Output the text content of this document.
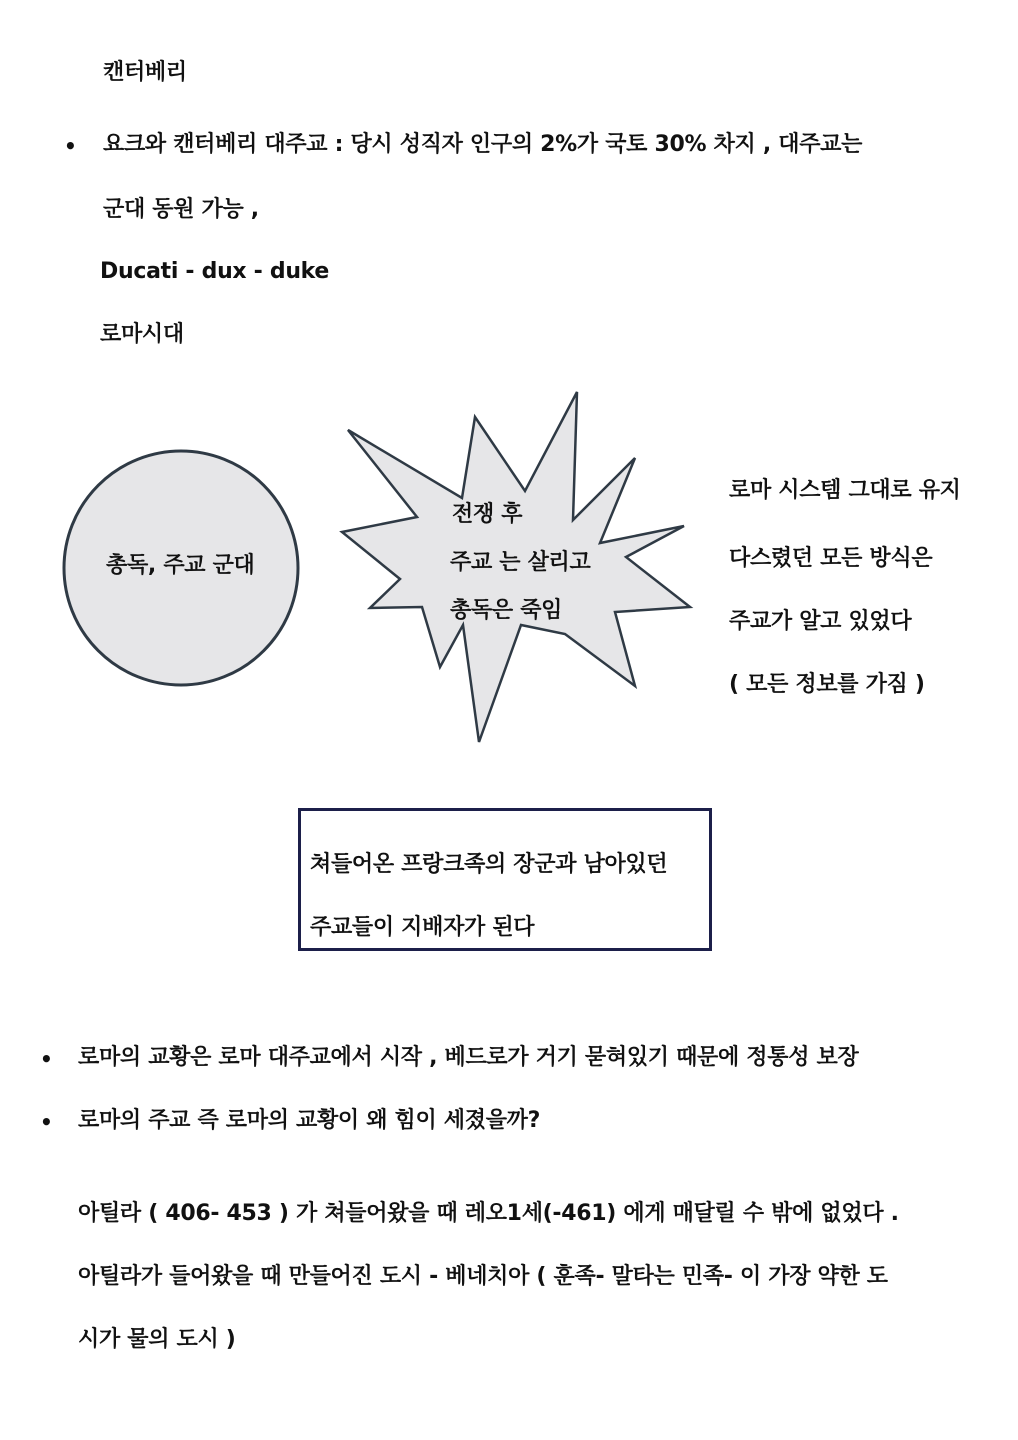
캔터베리
• 요크와 캔터베리 대주교 : 당시 성직자 인구의 2%가 국토 30% 차지 , 대주교는
군대 동원 가능 ,
Ducati - dux - duke
로마시대
총독, 주교 군대
전쟁 후
주교 는 살리고
총독은 죽임
로마 시스템 그대로 유지
다스렸던 모든 방식은
주교가 알고 있었다
( 모든 정보를 가짐 )
쳐들어온 프랑크족의 장군과 남아있던
주교들이 지배자가 된다
• 로마의 교황은 로마 대주교에서 시작 , 베드로가 거기 묻혀있기 때문에 정통성 보장
• 로마의 주교 즉 로마의 교황이 왜 힘이 세졌을까?
아틸라 ( 406- 453 ) 가 쳐들어왔을 때 레오1세(-461) 에게 매달릴 수 밖에 없었다 .
아틸라가 들어왔을 때 만들어진 도시 - 베네치아 ( 훈족- 말타는 민족- 이 가장 약한 도
시가 물의 도시 )
